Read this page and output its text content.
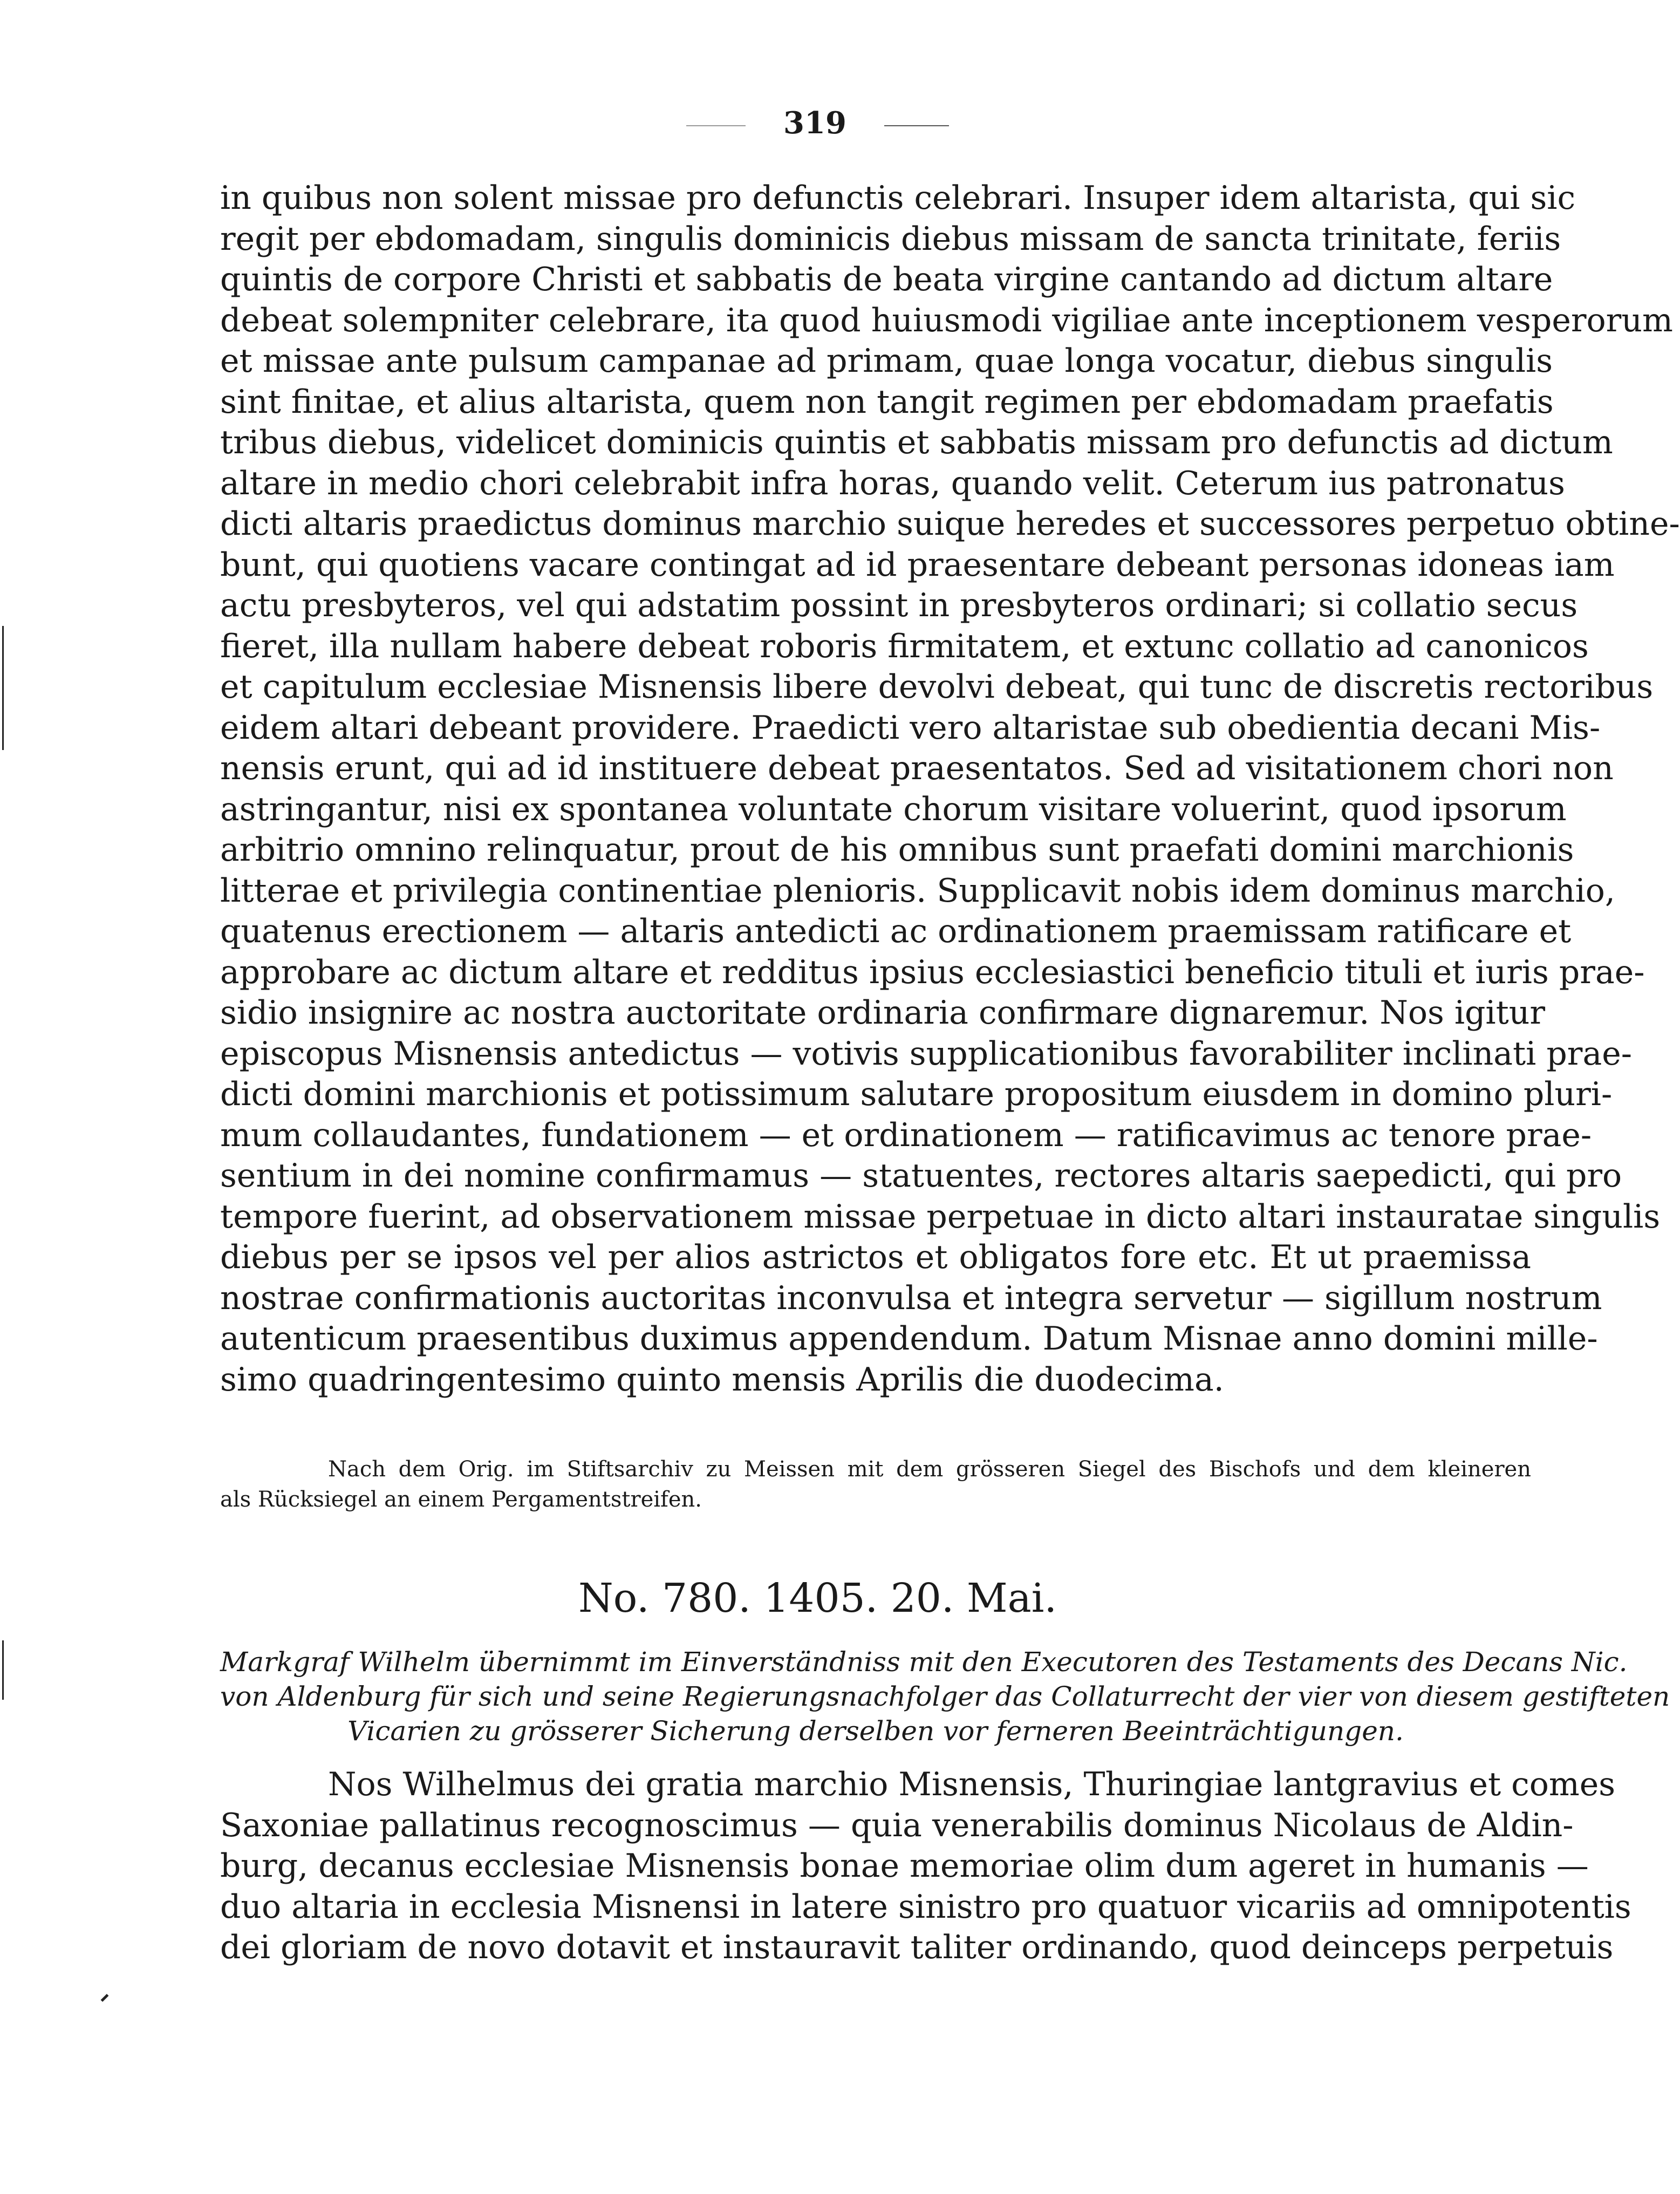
319
in quibus non solent missae pro defunctis celebrari. Insuper idem altarista, qui sic
regit per ebdomadam, singulis dominicis diebus missam de sancta trinitate, feriis
quintis de corpore Christi et sabbatis de beata virgine cantando ad dictum altare
debeat solempniter celebrare, ita quod huiusmodi vigiliae ante inceptionem vesperorum
et missae ante pulsum campanae ad primam, quae longa vocatur, diebus singulis
sint finitae, et alius altarista, quem non tangit regimen per ebdomadam praefatis
tribus diebus, videlicet dominicis quintis et sabbatis missam pro defunctis ad dictum
altare in medio chori celebrabit infra horas, quando velit. Ceterum ius patronatus
dicti altaris praedictus dominus marchio suique heredes et successores perpetuo obtine-
bunt, qui quotiens vacare contingat ad id praesentare debeant personas idoneas iam
actu presbyteros, vel qui adstatim possint in presbyteros ordinari; si collatio secus
fieret, illa nullam habere debeat roboris firmitatem, et extunc collatio ad canonicos
et capitulum ecclesiae Misnensis libere devolvi debeat, qui tunc de discretis rectoribus
eidem altari debeant providere. Praedicti vero altaristae sub obedientia decani Mis-
nensis erunt, qui ad id instituere debeat praesentatos. Sed ad visitationem chori non
astringantur, nisi ex spontanea voluntate chorum visitare voluerint, quod ipsorum
arbitrio omnino relinquatur, prout de his omnibus sunt praefati domini marchionis
litterae et privilegia continentiae plenioris. Supplicavit nobis idem dominus marchio,
quatenus erectionem — altaris antedicti ac ordinationem praemissam ratificare et
approbare ac dictum altare et redditus ipsius ecclesiastici beneficio tituli et iuris prae-
sidio insignire ac nostra auctoritate ordinaria confirmare dignaremur. Nos igitur
episcopus Misnensis antedictus — votivis supplicationibus favorabiliter inclinati prae-
dicti domini marchionis et potissimum salutare propositum eiusdem in domino pluri-
mum collaudantes, fundationem — et ordinationem — ratificavimus ac tenore prae-
sentium in dei nomine confirmamus — statuentes, rectores altaris saepedicti, qui pro
tempore fuerint, ad observationem missae perpetuae in dicto altari instauratae singulis
diebus per se ipsos vel per alios astrictos et obligatos fore etc. Et ut praemissa
nostrae confirmationis auctoritas inconvulsa et integra servetur — sigillum nostrum
autenticum praesentibus duximus appendendum. Datum Misnae anno domini mille-
simo quadringentesimo quinto mensis Aprilis die duodecima.
Nach dem Orig. im Stiftsarchiv zu Meissen mit dem grösseren Siegel des Bischofs und dem kleineren
als Rücksiegel an einem Pergamentstreifen.
No. 780. 1405. 20. Mai.
Markgraf Wilhelm übernimmt im Einverständniss mit den Executoren des Testaments des Decans Nic.
von Aldenburg für sich und seine Regierungsnachfolger das Collaturrecht der vier von diesem gestifteten
Vicarien zu grösserer Sicherung derselben vor ferneren Beeinträchtigungen.
Nos Wilhelmus dei gratia marchio Misnensis, Thuringiae lantgravius et comes
Saxoniae pallatinus recognoscimus — quia venerabilis dominus Nicolaus de Aldin-
burg, decanus ecclesiae Misnensis bonae memoriae olim dum ageret in humanis —
duo altaria in ecclesia Misnensi in latere sinistro pro quatuor vicariis ad omnipotentis
dei gloriam de novo dotavit et instauravit taliter ordinando, quod deinceps perpetuis
